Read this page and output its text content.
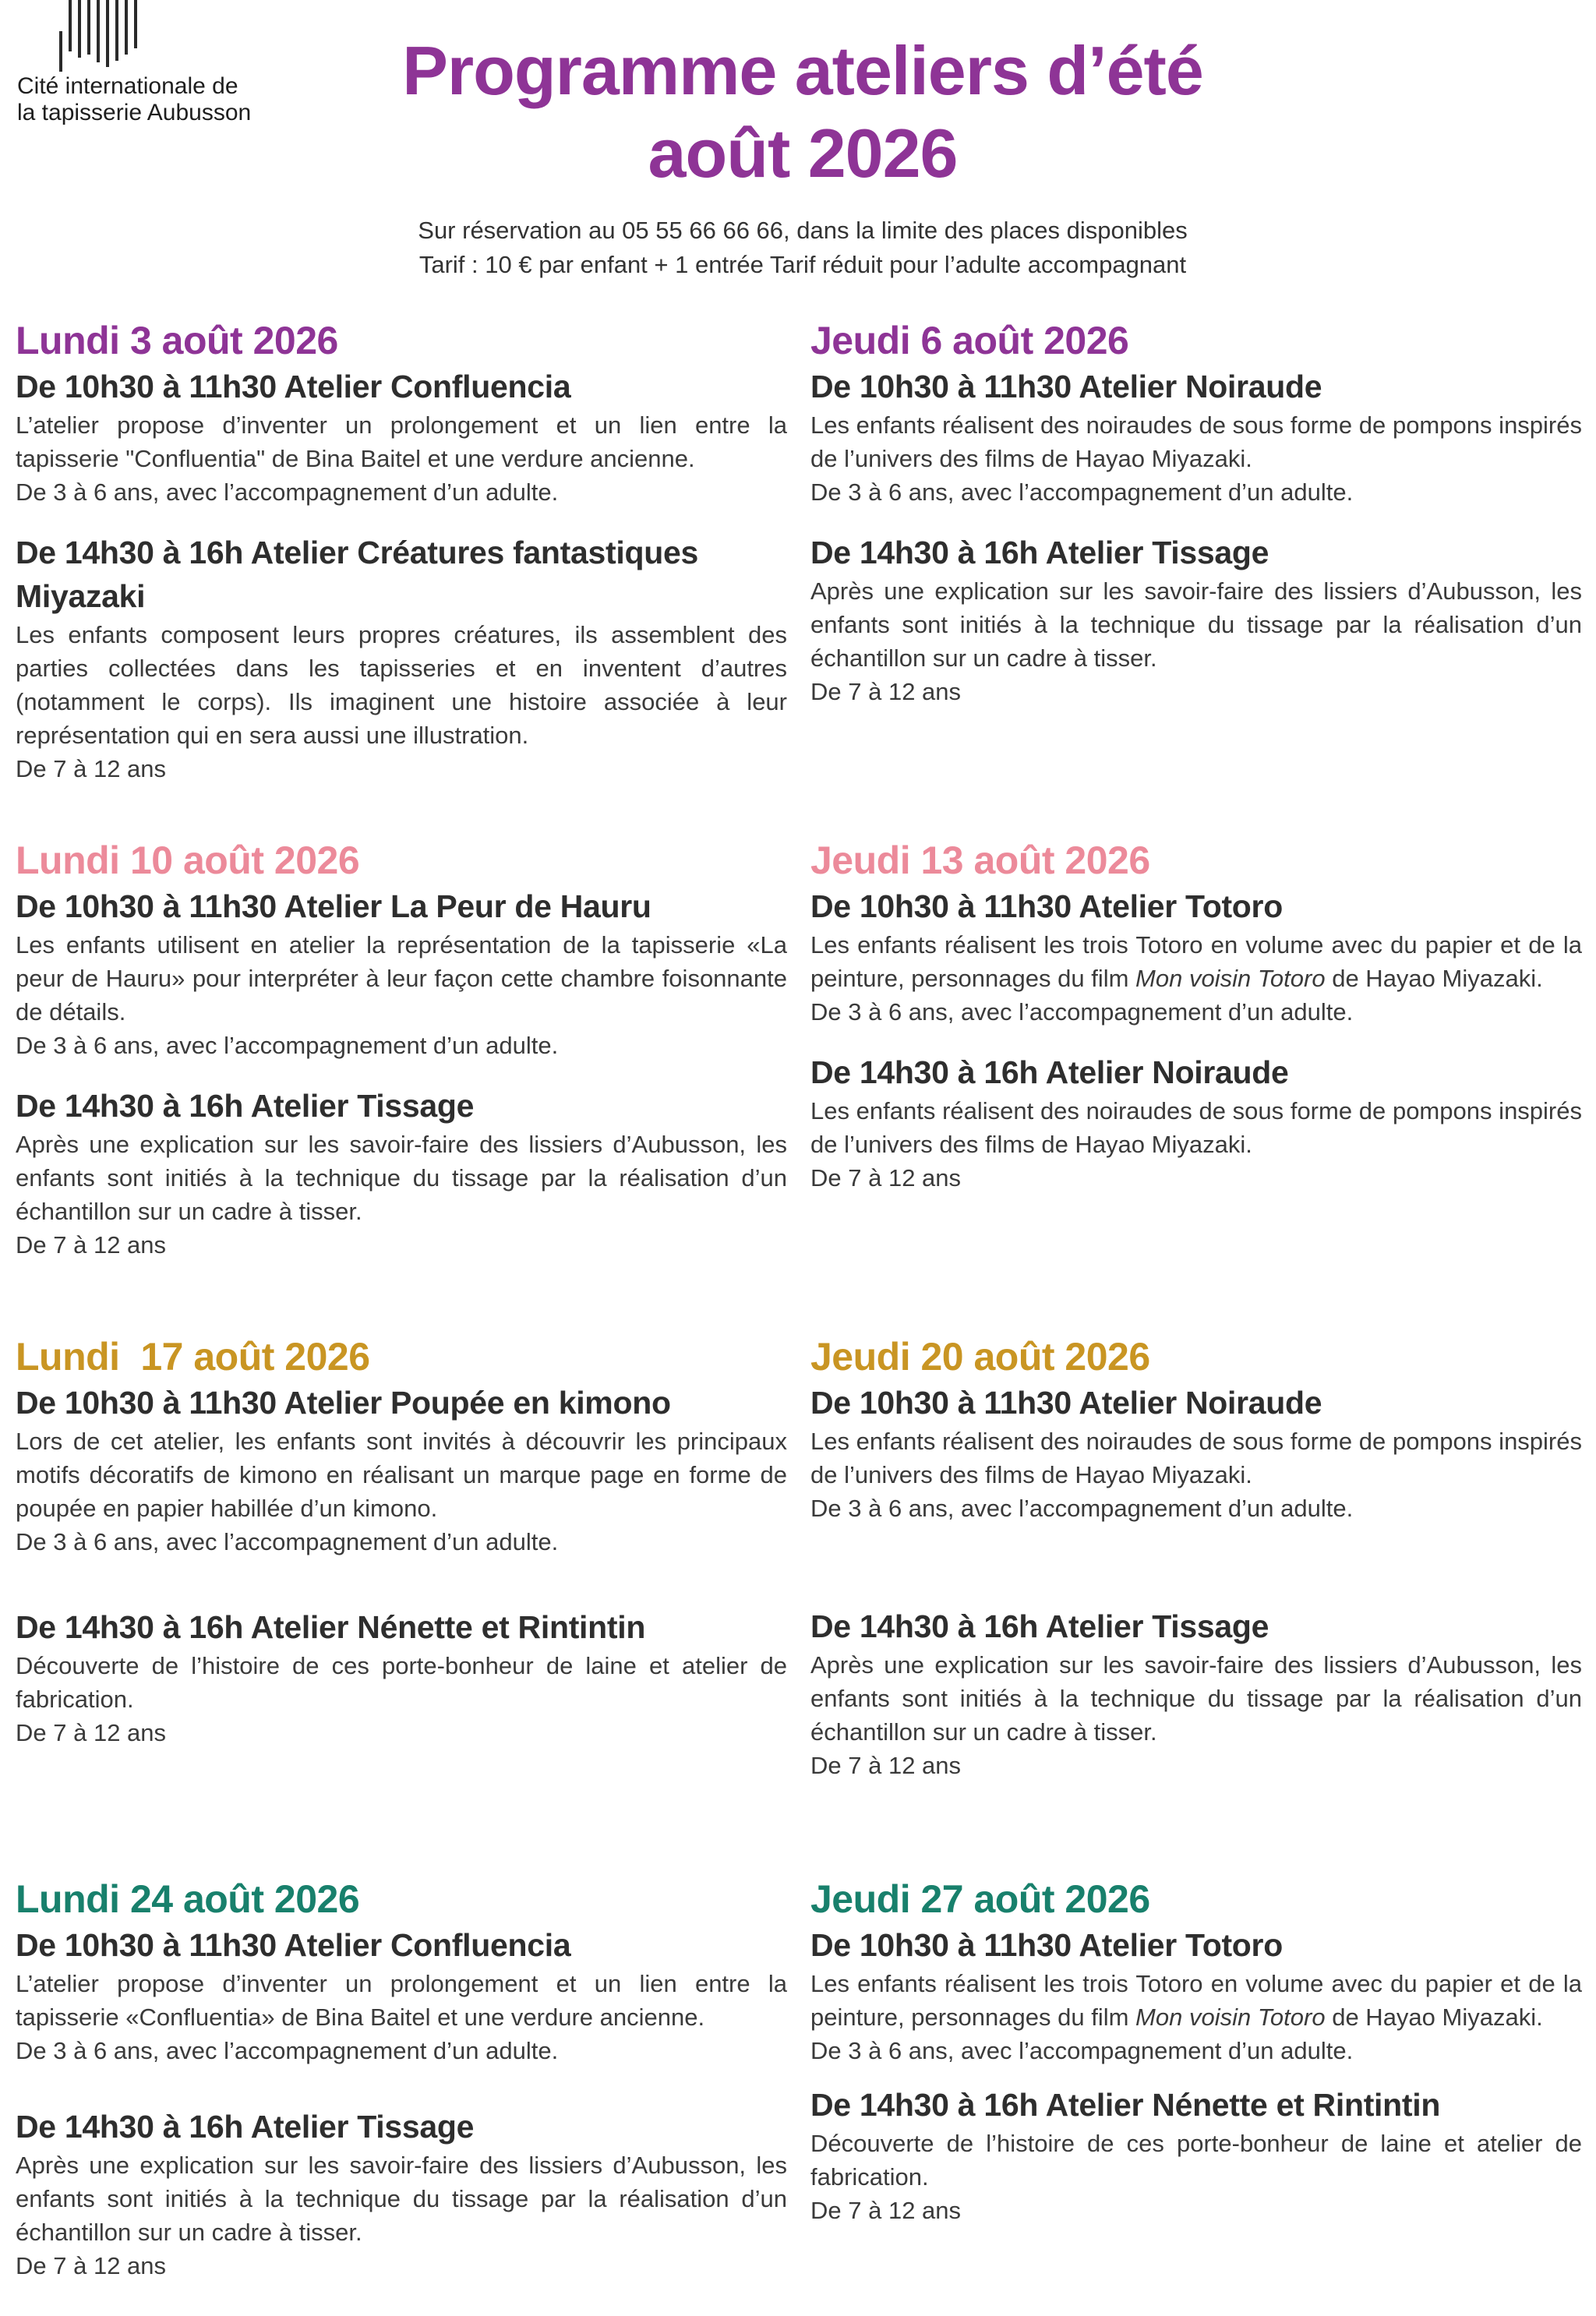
Cité internationale de
la tapisserie Aubusson
Programme ateliers d’été
août 2026
Sur réservation au 05 55 66 66 66, dans la limite des places disponibles
Tarif : 10 € par enfant + 1 entrée Tarif réduit pour l’adulte accompagnant
Lundi 3 août 2026
De 10h30 à 11h30 Atelier Confluencia

L’atelier propose d’inventer un prolongement et un lien entre la tapisserie "Confluentia" de Bina Baitel et une verdure ancienne.

De 3 à 6 ans, avec l’accompagnement d’un adulte.

De 14h30 à 16h Atelier Créatures fantastiques Miyazaki

Les enfants composent leurs propres créatures, ils assemblent des parties collectées dans les tapisseries et en inventent d’autres (notamment le corps). Ils imaginent une histoire associée à leur représentation qui en sera aussi une illustration.

De 7 à 12 ans

Jeudi 6 août 2026
De 10h30 à 11h30 Atelier Noiraude

Les enfants réalisent des noiraudes de sous forme de pompons inspirés de l’univers des films de Hayao Miyazaki.

De 3 à 6 ans, avec l’accompagnement d’un adulte.

De 14h30 à 16h Atelier Tissage

Après une explication sur les savoir-faire des lissiers d’Aubusson, les enfants sont initiés à la technique du tissage par la réalisation d’un échantillon sur un cadre à tisser.

De 7 à 12 ans

Lundi 10 août 2026
De 10h30 à 11h30 Atelier La Peur de Hauru

Les enfants utilisent en atelier la représentation de la tapisserie «La peur de Hauru» pour interpréter à leur façon cette chambre foisonnante de détails.

De 3 à 6 ans, avec l’accompagnement d’un adulte.

De 14h30 à 16h Atelier Tissage

Après une explication sur les savoir-faire des lissiers d’Aubusson, les enfants sont initiés à la technique du tissage par la réalisation d’un échantillon sur un cadre à tisser.

De 7 à 12 ans

Jeudi 13 août 2026
De 10h30 à 11h30 Atelier Totoro

Les enfants réalisent les trois Totoro en volume avec du papier et de la peinture, personnages du film Mon voisin Totoro de Hayao Miyazaki.

De 3 à 6 ans, avec l’accompagnement d’un adulte.

De 14h30 à 16h Atelier Noiraude

Les enfants réalisent des noiraudes de sous forme de pompons inspirés de l’univers des films de Hayao Miyazaki.

De 7 à 12 ans

Lundi  17 août 2026
De 10h30 à 11h30 Atelier Poupée en kimono

Lors de cet atelier, les enfants sont invités à découvrir les principaux motifs décoratifs de kimono en réalisant un marque page en forme de poupée en papier habillée d’un kimono.

De 3 à 6 ans, avec l’accompagnement d’un adulte.

De 14h30 à 16h Atelier Nénette et Rintintin

Découverte de l’histoire de ces porte-bonheur de laine et atelier de fabrication.

De 7 à 12 ans

Jeudi 20 août 2026
De 10h30 à 11h30 Atelier Noiraude

Les enfants réalisent des noiraudes de sous forme de pompons inspirés de l’univers des films de Hayao Miyazaki.

De 3 à 6 ans, avec l’accompagnement d’un adulte.

De 14h30 à 16h Atelier Tissage

Après une explication sur les savoir-faire des lissiers d’Aubusson, les enfants sont initiés à la technique du tissage par la réalisation d’un échantillon sur un cadre à tisser.

De 7 à 12 ans

Lundi 24 août 2026
De 10h30 à 11h30 Atelier Confluencia

L’atelier propose d’inventer un prolongement et un lien entre la tapisserie «Confluentia» de Bina Baitel et une verdure ancienne.

De 3 à 6 ans, avec l’accompagnement d’un adulte.

De 14h30 à 16h Atelier Tissage

Après une explication sur les savoir-faire des lissiers d’Aubusson, les enfants sont initiés à la technique du tissage par la réalisation d’un échantillon sur un cadre à tisser.

De 7 à 12 ans

Jeudi 27 août 2026
De 10h30 à 11h30 Atelier Totoro

Les enfants réalisent les trois Totoro en volume avec du papier et de la peinture, personnages du film Mon voisin Totoro de Hayao Miyazaki.

De 3 à 6 ans, avec l’accompagnement d’un adulte.

De 14h30 à 16h Atelier Nénette et Rintintin

Découverte de l’histoire de ces porte-bonheur de laine et atelier de fabrication.

De 7 à 12 ans
